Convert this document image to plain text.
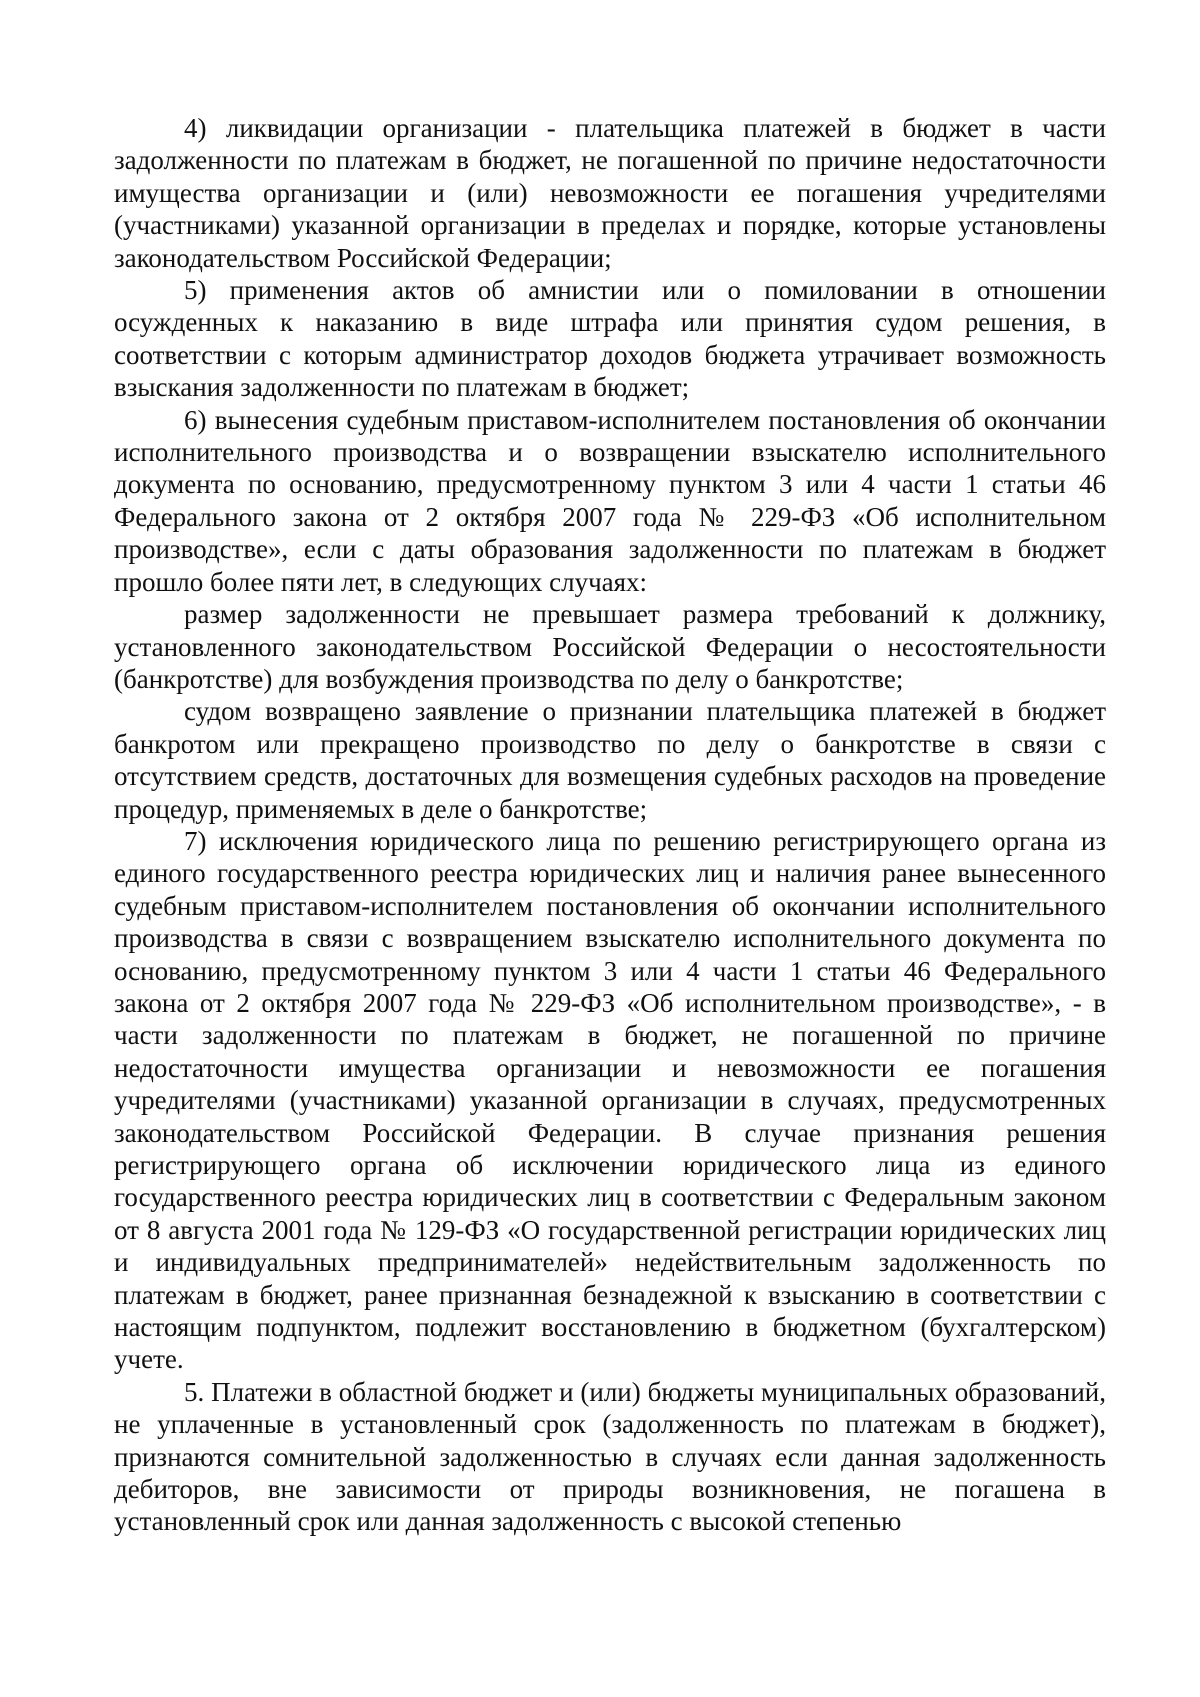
4) ликвидации организации - плательщика платежей в бюджет в части задолженности по платежам в бюджет, не погашенной по причине недостаточности имущества организации и (или) невозможности ее погашения учредителями (участниками) указанной организации в пределах и порядке, которые установлены законодательством Российской Федерации;

5) применения актов об амнистии или о помиловании в отношении осужденных к наказанию в виде штрафа или принятия судом решения, в соответствии с которым администратор доходов бюджета утрачивает возможность взыскания задолженности по платежам в бюджет;

6) вынесения судебным приставом-исполнителем постановления об окончании исполнительного производства и о возвращении взыскателю исполнительного документа по основанию, предусмотренному пунктом 3 или 4 части 1 статьи 46 Федерального закона от 2 октября 2007 года № 229-ФЗ «Об исполнительном производстве», если с даты образования задолженности по платежам в бюджет прошло более пяти лет, в следующих случаях:

размер задолженности не превышает размера требований к должнику, установленного законодательством Российской Федерации о несостоятельности (банкротстве) для возбуждения производства по делу о банкротстве;

судом возвращено заявление о признании плательщика платежей в бюджет банкротом или прекращено производство по делу о банкротстве в связи с отсутствием средств, достаточных для возмещения судебных расходов на проведение процедур, применяемых в деле о банкротстве;

7) исключения юридического лица по решению регистрирующего органа из единого государственного реестра юридических лиц и наличия ранее вынесенного судебным приставом-исполнителем постановления об окончании исполнительного производства в связи с возвращением взыскателю исполнительного документа по основанию, предусмотренному пунктом 3 или 4 части 1 статьи 46 Федерального закона от 2 октября 2007 года № 229-ФЗ «Об исполнительном производстве», - в части задолженности по платежам в бюджет, не погашенной по причине недостаточности имущества организации и невозможности ее погашения учредителями (участниками) указанной организации в случаях, предусмотренных законодательством Российской Федерации. В случае признания решения регистрирующего органа об исключении юридического лица из единого государственного реестра юридических лиц в соответствии с Федеральным законом от 8 августа 2001 года № 129-ФЗ «О государственной регистрации юридических лиц и индивидуальных предпринимателей» недействительным задолженность по платежам в бюджет, ранее признанная безнадежной к взысканию в соответствии с настоящим подпунктом, подлежит восстановлению в бюджетном (бухгалтерском) учете.

5. Платежи в областной бюджет и (или) бюджеты муниципальных образований, не уплаченные в установленный срок (задолженность по платежам в бюджет), признаются сомнительной задолженностью в случаях если данная задолженность дебиторов, вне зависимости от природы возникновения, не погашена в установленный срок или данная задолженность с высокой степенью
